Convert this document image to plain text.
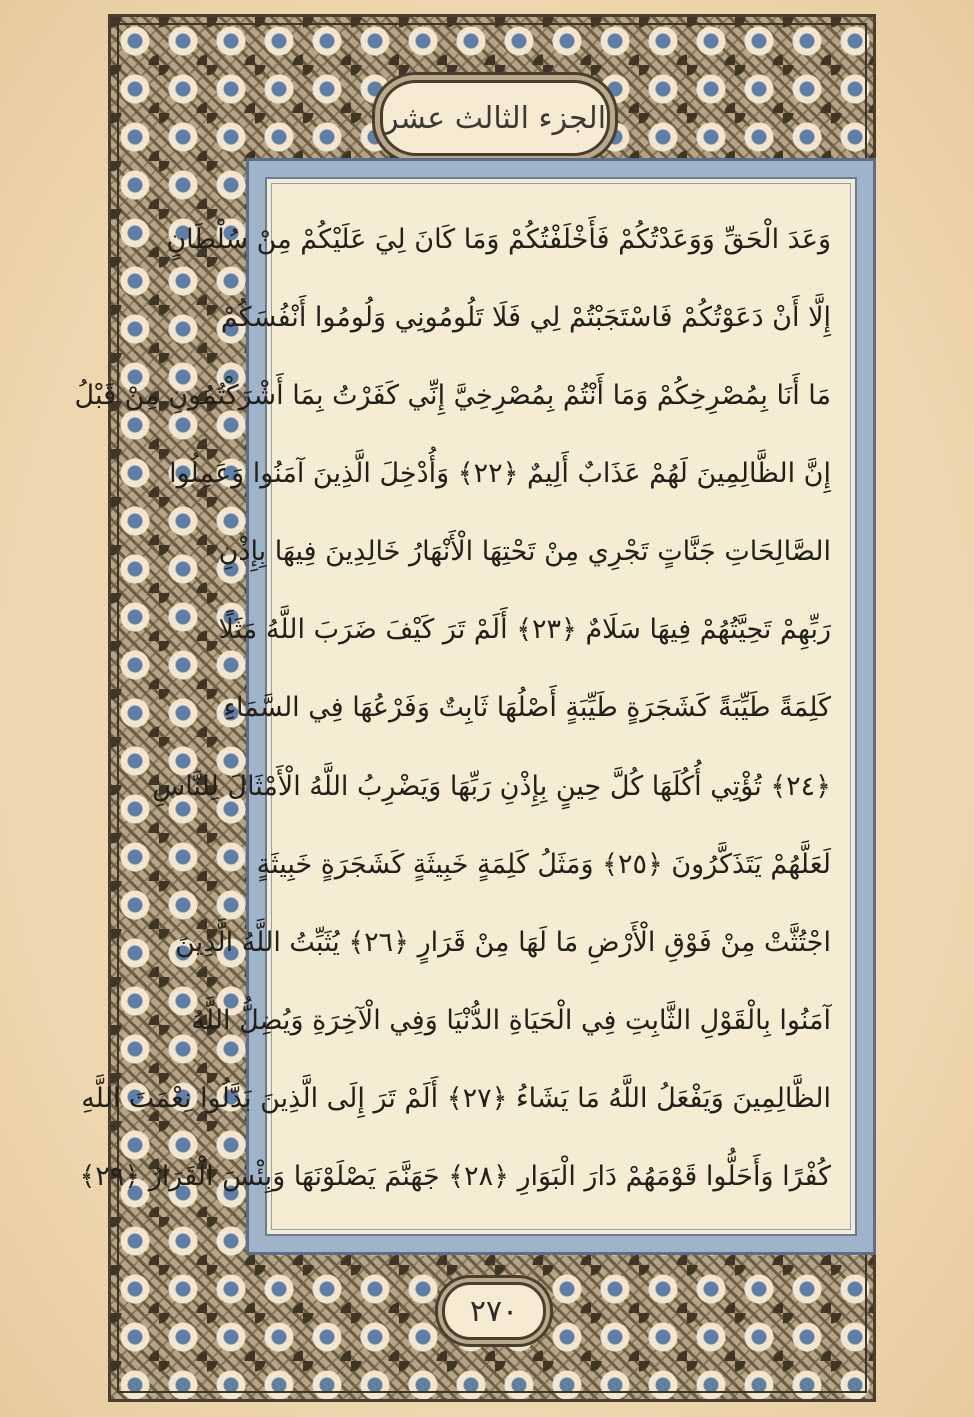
الجزء الثالث عشر
وَعَدَ الْحَقِّ وَوَعَدْتُكُمْ فَأَخْلَفْتُكُمْ وَمَا كَانَ لِيَ عَلَيْكُمْ مِنْ سُلْطَانٍ
إِلَّا أَنْ دَعَوْتُكُمْ فَاسْتَجَبْتُمْ لِي فَلَا تَلُومُونِي وَلُومُوا أَنْفُسَكُمْ
مَا أَنَا بِمُصْرِخِكُمْ وَمَا أَنْتُمْ بِمُصْرِخِيَّ إِنِّي كَفَرْتُ بِمَا أَشْرَكْتُمُونِ مِنْ قَبْلُ
إِنَّ الظَّالِمِينَ لَهُمْ عَذَابٌ أَلِيمٌ ﴿٢٢﴾ وَأُدْخِلَ الَّذِينَ آمَنُوا وَعَمِلُوا
الصَّالِحَاتِ جَنَّاتٍ تَجْرِي مِنْ تَحْتِهَا الْأَنْهَارُ خَالِدِينَ فِيهَا بِإِذْنِ
رَبِّهِمْ تَحِيَّتُهُمْ فِيهَا سَلَامٌ ﴿٢٣﴾ أَلَمْ تَرَ كَيْفَ ضَرَبَ اللَّهُ مَثَلًا
كَلِمَةً طَيِّبَةً كَشَجَرَةٍ طَيِّبَةٍ أَصْلُهَا ثَابِتٌ وَفَرْعُهَا فِي السَّمَاءِ
﴿٢٤﴾ تُؤْتِي أُكُلَهَا كُلَّ حِينٍ بِإِذْنِ رَبِّهَا وَيَضْرِبُ اللَّهُ الْأَمْثَالَ لِلنَّاسِ
لَعَلَّهُمْ يَتَذَكَّرُونَ ﴿٢٥﴾ وَمَثَلُ كَلِمَةٍ خَبِيثَةٍ كَشَجَرَةٍ خَبِيثَةٍ
اجْتُثَّتْ مِنْ فَوْقِ الْأَرْضِ مَا لَهَا مِنْ قَرَارٍ ﴿٢٦﴾ يُثَبِّتُ اللَّهُ الَّذِينَ
آمَنُوا بِالْقَوْلِ الثَّابِتِ فِي الْحَيَاةِ الدُّنْيَا وَفِي الْآخِرَةِ وَيُضِلُّ اللَّهُ
الظَّالِمِينَ وَيَفْعَلُ اللَّهُ مَا يَشَاءُ ﴿٢٧﴾ أَلَمْ تَرَ إِلَى الَّذِينَ بَدَّلُوا نِعْمَتَ اللَّهِ
كُفْرًا وَأَحَلُّوا قَوْمَهُمْ دَارَ الْبَوَارِ ﴿٢٨﴾ جَهَنَّمَ يَصْلَوْنَهَا وَبِئْسَ الْقَرَارُ ﴿٢٩﴾
٢٧٠
